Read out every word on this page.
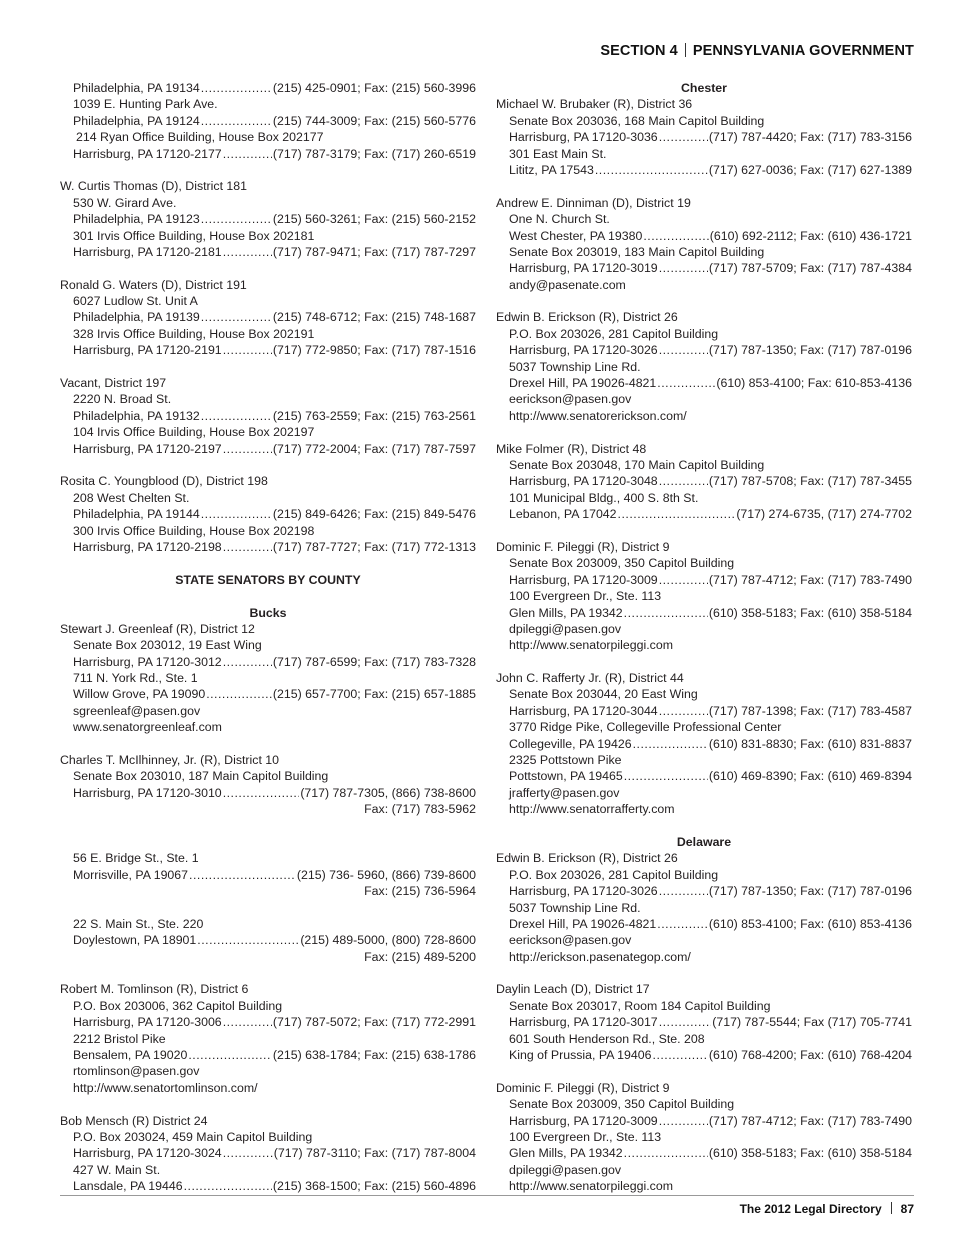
SECTION 4 PENNSYLVANIA GOVERNMENT
Philadelphia, PA 19134 .....	(215) 425-0901; Fax: (215) 560-3996
1039 E. Hunting Park Ave.
Philadelphia, PA 19124 .....	(215) 744-3009; Fax: (215) 560-5776
214 Ryan Office Building, House Box 202177
Harrisburg, PA 17120-2177 .....	(717) 787-3179; Fax: (717) 260-6519
W. Curtis Thomas (D), District 181
530 W. Girard Ave.
Philadelphia, PA 19123 .....	(215) 560-3261; Fax: (215) 560-2152
301 Irvis Office Building, House Box 202181
Harrisburg, PA 17120-2181 .....	(717) 787-9471; Fax: (717) 787-7297
Ronald G. Waters (D), District 191
6027 Ludlow St. Unit A
Philadelphia, PA 19139 .....	(215) 748-6712; Fax: (215) 748-1687
328 Irvis Office Building, House Box 202191
Harrisburg, PA 17120-2191 .....	(717) 772-9850; Fax: (717) 787-1516
Vacant, District 197
2220 N. Broad St.
Philadelphia, PA 19132 .....	(215) 763-2559; Fax: (215) 763-2561
104 Irvis Office Building, House Box 202197
Harrisburg, PA 17120-2197 .....	(717) 772-2004; Fax: (717) 787-7597
Rosita C. Youngblood (D), District 198
208 West Chelten St.
Philadelphia, PA 19144 .....	(215) 849-6426; Fax: (215) 849-5476
300 Irvis Office Building, House Box 202198
Harrisburg, PA 17120-2198 .....	(717) 787-7727; Fax: (717) 772-1313
STATE SENATORS BY COUNTY
Bucks
Stewart J. Greenleaf (R), District 12
Senate Box 203012, 19 East Wing
Harrisburg, PA 17120-3012 .....	(717) 787-6599; Fax: (717) 783-7328
711 N. York Rd., Ste. 1
Willow Grove, PA 19090 .....	(215) 657-7700; Fax: (215) 657-1885
sgreenleaf@pasen.gov
www.senatorgreenleaf.com
Charles T. McIlhinney, Jr. (R), District 10
Senate Box 203010, 187 Main Capitol Building
Harrisburg, PA 17120-3010 .....	(717) 787-7305, (866) 738-8600
Fax: (717) 783-5962
56 E. Bridge St., Ste. 1
Morrisville, PA 19067 .....	(215) 736- 5960, (866) 739-8600
Fax: (215) 736-5964
22 S. Main St., Ste. 220
Doylestown, PA 18901 .....	(215) 489-5000, (800) 728-8600
Fax: (215) 489-5200
Robert M. Tomlinson (R), District 6
P.O. Box 203006, 362 Capitol Building
Harrisburg, PA 17120-3006 .....	(717) 787-5072; Fax: (717) 772-2991
2212 Bristol Pike
Bensalem, PA 19020 .....	(215) 638-1784; Fax: (215) 638-1786
rtomlinson@pasen.gov
http://www.senatortomlinson.com/
Bob Mensch (R) District 24
P.O. Box 203024, 459 Main Capitol Building
Harrisburg, PA 17120-3024 .....	(717) 787-3110; Fax: (717) 787-8004
427 W. Main St.
Lansdale, PA 19446 .....	(215) 368-1500; Fax: (215) 560-4896
Chester
Michael W. Brubaker (R), District 36
Senate Box 203036, 168 Main Capitol Building
Harrisburg, PA 17120-3036 .....	(717) 787-4420; Fax: (717) 783-3156
301 East Main St.
Lititz, PA 17543 .....	(717) 627-0036; Fax: (717) 627-1389
Andrew E. Dinniman (D), District 19
One N. Church St.
West Chester, PA 19380 .....	(610) 692-2112; Fax: (610) 436-1721
Senate Box 203019, 183 Main Capitol Building
Harrisburg, PA 17120-3019 .....	(717) 787-5709; Fax: (717) 787-4384
andy@pasenate.com
Edwin B. Erickson (R), District 26
P.O. Box 203026, 281 Capitol Building
Harrisburg, PA 17120-3026 .....	(717) 787-1350; Fax: (717) 787-0196
5037 Township Line Rd.
Drexel Hill, PA 19026-4821 .....	(610) 853-4100; Fax: 610-853-4136
eerickson@pasen.gov
http://www.senatorerickson.com/
Mike Folmer (R), District 48
Senate Box 203048, 170 Main Capitol Building
Harrisburg, PA 17120-3048 .....	(717) 787-5708; Fax: (717) 787-3455
101 Municipal Bldg., 400 S. 8th St.
Lebanon, PA 17042 .....	(717) 274-6735, (717) 274-7702
Dominic F. Pileggi (R), District 9
Senate Box 203009, 350 Capitol Building
Harrisburg, PA 17120-3009 .....	(717) 787-4712; Fax: (717) 783-7490
100 Evergreen Dr., Ste. 113
Glen Mills, PA 19342 .....	(610) 358-5183; Fax: (610) 358-5184
dpileggi@pasen.gov
http://www.senatorpileggi.com
John C. Rafferty Jr. (R), District 44
Senate Box 203044, 20 East Wing
Harrisburg, PA 17120-3044 .....	(717) 787-1398; Fax: (717) 783-4587
3770 Ridge Pike, Collegeville Professional Center
Collegeville, PA 19426 .....	(610) 831-8830; Fax: (610) 831-8837
2325 Pottstown Pike
Pottstown, PA 19465 .....	(610) 469-8390; Fax: (610) 469-8394
jrafferty@pasen.gov
http://www.senatorrafferty.com
Delaware
Edwin B. Erickson (R), District 26
P.O. Box 203026, 281 Capitol Building
Harrisburg, PA 17120-3026 .....	(717) 787-1350; Fax: (717) 787-0196
5037 Township Line Rd.
Drexel Hill, PA 19026-4821 .....	(610) 853-4100; Fax: (610) 853-4136
eerickson@pasen.gov
http://erickson.pasenategop.com/
Daylin Leach (D), District 17
Senate Box 203017, Room 184 Capitol Building
Harrisburg, PA 17120-3017 .....	(717) 787-5544; Fax (717) 705-7741
601 South Henderson Rd., Ste. 208
King of Prussia, PA 19406 .....	(610) 768-4200; Fax: (610) 768-4204
Dominic F. Pileggi (R), District 9
Senate Box 203009, 350 Capitol Building
Harrisburg, PA 17120-3009 .....	(717) 787-4712; Fax: (717) 783-7490
100 Evergreen Dr., Ste. 113
Glen Mills, PA 19342 .....	(610) 358-5183; Fax: (610) 358-5184
dpileggi@pasen.gov
http://www.senatorpileggi.com
The 2012 Legal Directory 87
